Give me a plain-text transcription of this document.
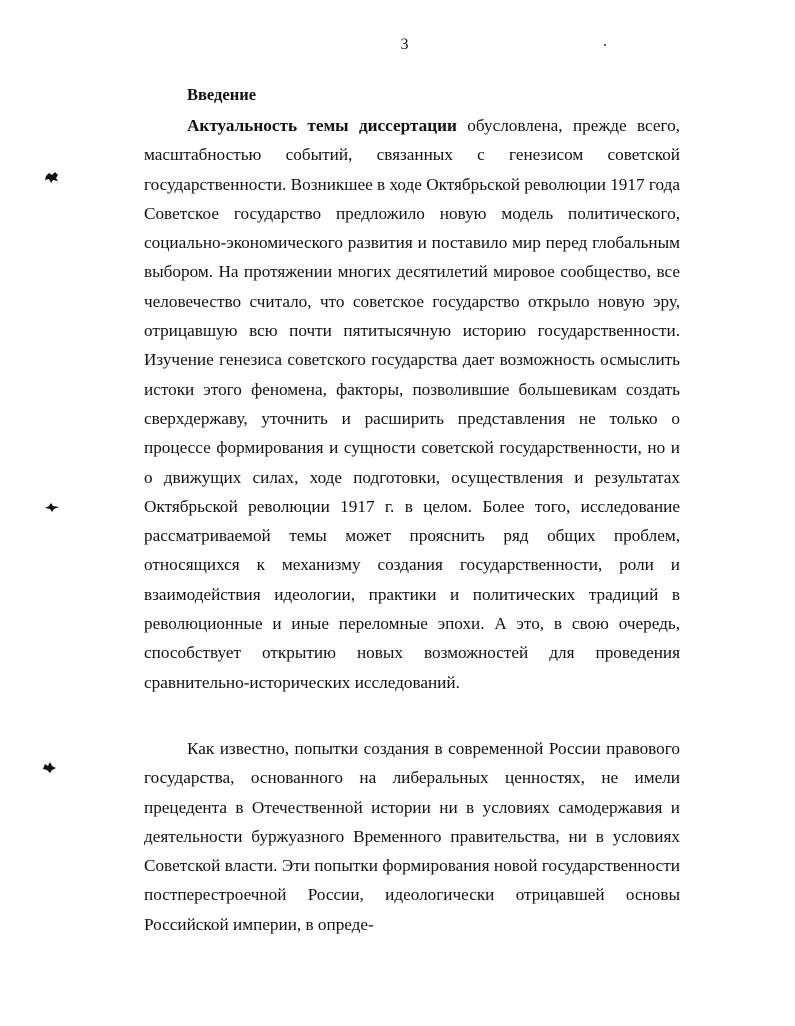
3
Введение

Актуальность темы диссертации обусловлена, прежде всего, масштабностью событий, связанных с генезисом советской государственности. Возникшее в ходе Октябрьской революции 1917 года Советское государство предложило новую модель политического, социально-экономического развития и поставило мир перед глобальным выбором. На протяжении многих десятилетий мировое сообщество, все человечество считало, что советское государство открыло новую эру, отрицавшую всю почти пятитысячную историю государственности. Изучение генезиса советского государства дает возможность осмыслить истоки этого феномена, факторы, позволившие большевикам создать сверхдержаву, уточнить и расширить представления не только о процессе формирования и сущности советской государственности, но и о движущих силах, ходе подготовки, осуществления и результатах Октябрьской революции 1917 г. в целом. Более того, исследование рассматриваемой темы может прояснить ряд общих проблем, относящихся к механизму создания государственности, роли и взаимодействия идеологии, практики и политических традиций в революционные и иные переломные эпохи. А это, в свою очередь, способствует открытию новых возможностей для проведения сравнительно-исторических исследований.

Как известно, попытки создания в современной России правового государства, основанного на либеральных ценностях, не имели прецедента в Отечественной истории ни в условиях самодержавия и деятельности буржуазного Временного правительства, ни в условиях Советской власти. Эти попытки формирования новой государственности постперестроечной России, идеологически отрицавшей основы Российской империи, в опреде-
